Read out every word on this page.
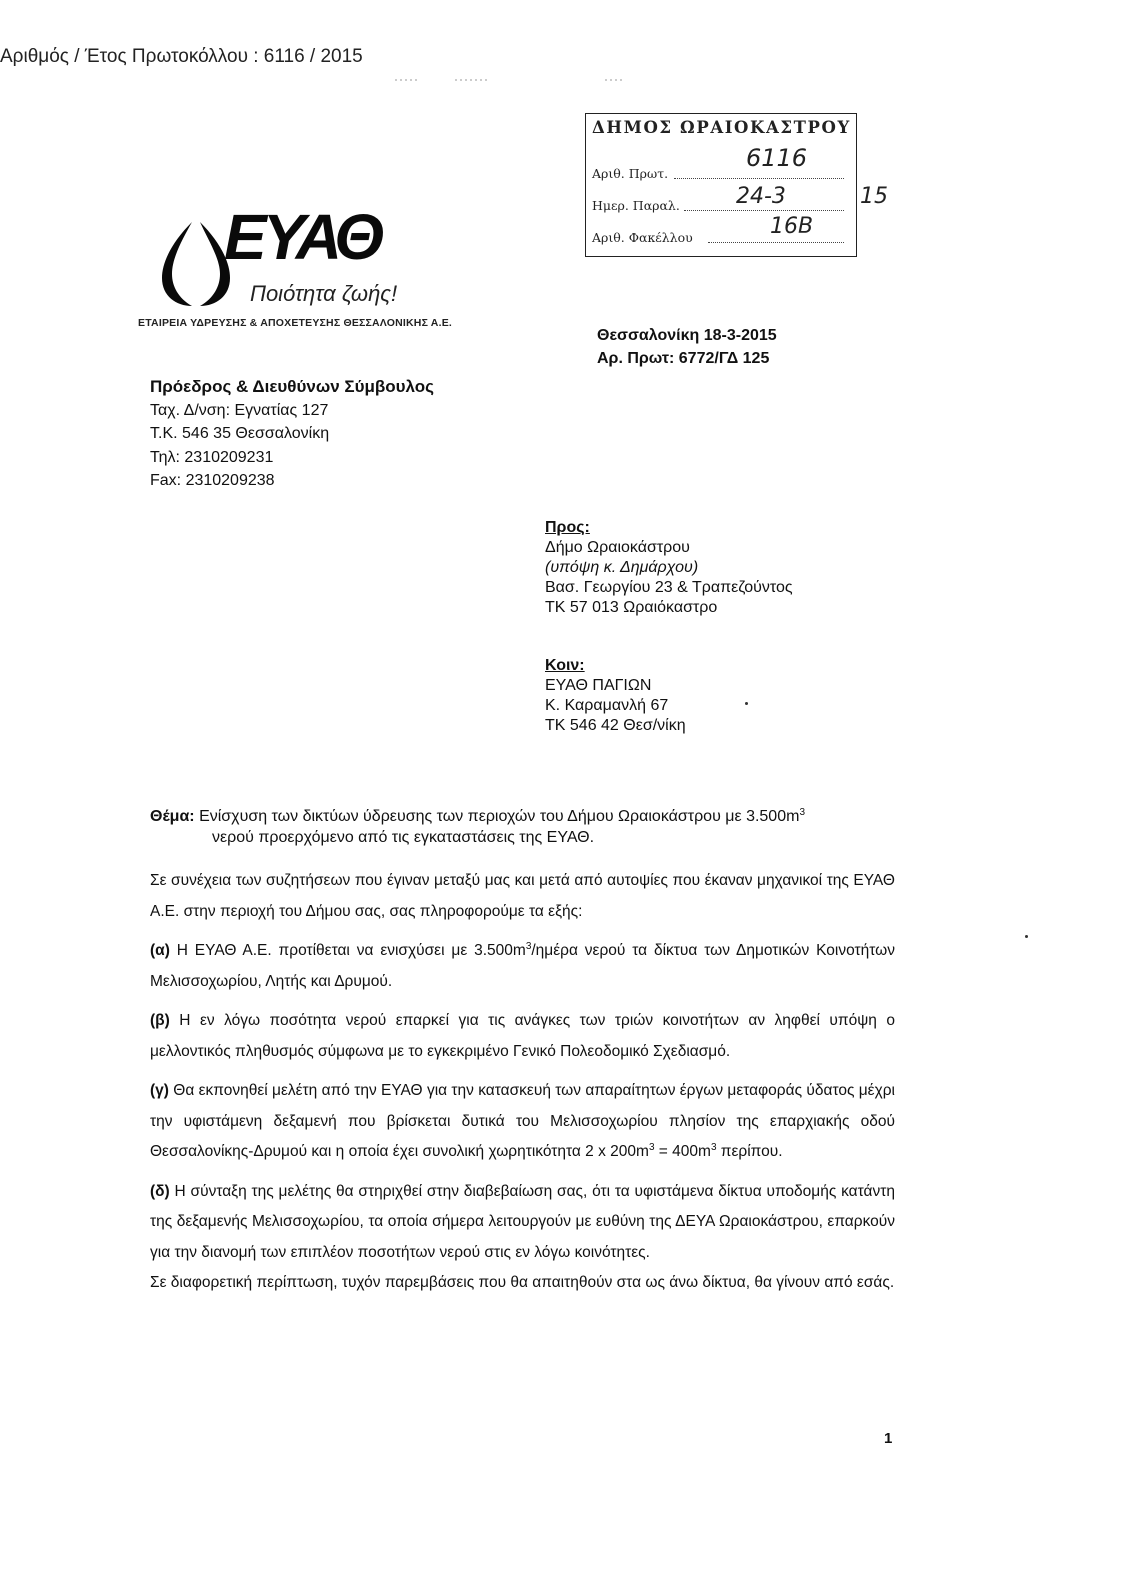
Αριθμός / Έτος Πρωτοκόλλου : 6116 / 2015
ΕΥΑΘ
Ποιότητα ζωής!
ΕΤΑΙΡΕΙΑ ΥΔΡΕΥΣΗΣ & ΑΠΟΧΕΤΕΥΣΗΣ ΘΕΣΣΑΛΟΝΙΚΗΣ Α.Ε.
ΔΗΜΟΣ ΩΡΑΙΟΚΑΣΤΡΟΥ
Αριθ. Πρωτ.
Ημερ. Παραλ.
Αριθ. Φακέλλου
6116
24-3
16Β
15
Θεσσαλονίκη 18-3-2015
Αρ. Πρωτ: 6772/ΓΔ 125
Πρόεδρος & Διευθύνων Σύμβουλος
Ταχ. Δ/νση: Εγνατίας 127
Τ.Κ. 546 35 Θεσσαλονίκη
Τηλ: 2310209231
Fax: 2310209238
Προς:
Δήμο Ωραιοκάστρου
(υπόψη κ. Δημάρχου)
Βασ. Γεωργίου 23 & Τραπεζούντος
ΤΚ 57 013 Ωραιόκαστρο
Κοιν:
ΕΥΑΘ ΠΑΓΙΩΝ
Κ. Καραμανλή 67
ΤΚ 546 42 Θεσ/νίκη
Θέμα: Ενίσχυση των δικτύων ύδρευσης των περιοχών του Δήμου Ωραιοκάστρου με $3.500m^3$
νερού προερχόμενο από τις εγκαταστάσεις της ΕΥΑΘ.

Σε συνέχεια των συζητήσεων που έγιναν μεταξύ μας και μετά από αυτοψίες που έκαναν μηχανικοί της ΕΥΑΘ Α.Ε. στην περιοχή του Δήμου σας, σας πληροφορούμε τα εξής:

(α) Η ΕΥΑΘ Α.Ε. προτίθεται να ενισχύσει με $3.500m^3$/ημέρα νερού τα δίκτυα των Δημοτικών Κοινοτήτων Μελισσοχωρίου, Λητής και Δρυμού.

(β) Η εν λόγω ποσότητα νερού επαρκεί για τις ανάγκες των τριών κοινοτήτων αν ληφθεί υπόψη ο μελλοντικός πληθυσμός σύμφωνα με το εγκεκριμένο Γενικό Πολεοδομικό Σχεδιασμό.

(γ) Θα εκπονηθεί μελέτη από την ΕΥΑΘ για την κατασκευή των απαραίτητων έργων μεταφοράς ύδατος μέχρι την υφιστάμενη δεξαμενή που βρίσκεται δυτικά του Μελισσοχωρίου πλησίον της επαρχιακής οδού Θεσσαλονίκης-Δρυμού και η οποία έχει συνολική χωρητικότητα 2 x $200m^3 = 400m^3$ περίπου.

(δ) Η σύνταξη της μελέτης θα στηριχθεί στην διαβεβαίωση σας, ότι τα υφιστάμενα δίκτυα υποδομής κατάντη της δεξαμενής Μελισσοχωρίου, τα οποία σήμερα λειτουργούν με ευθύνη της ΔΕΥΑ Ωραιοκάστρου, επαρκούν για την διανομή των επιπλέον ποσοτήτων νερού στις εν λόγω κοινότητες.

Σε διαφορετική περίπτωση, τυχόν παρεμβάσεις που θα απαιτηθούν στα ως άνω δίκτυα, θα γίνουν από εσάς.

1
